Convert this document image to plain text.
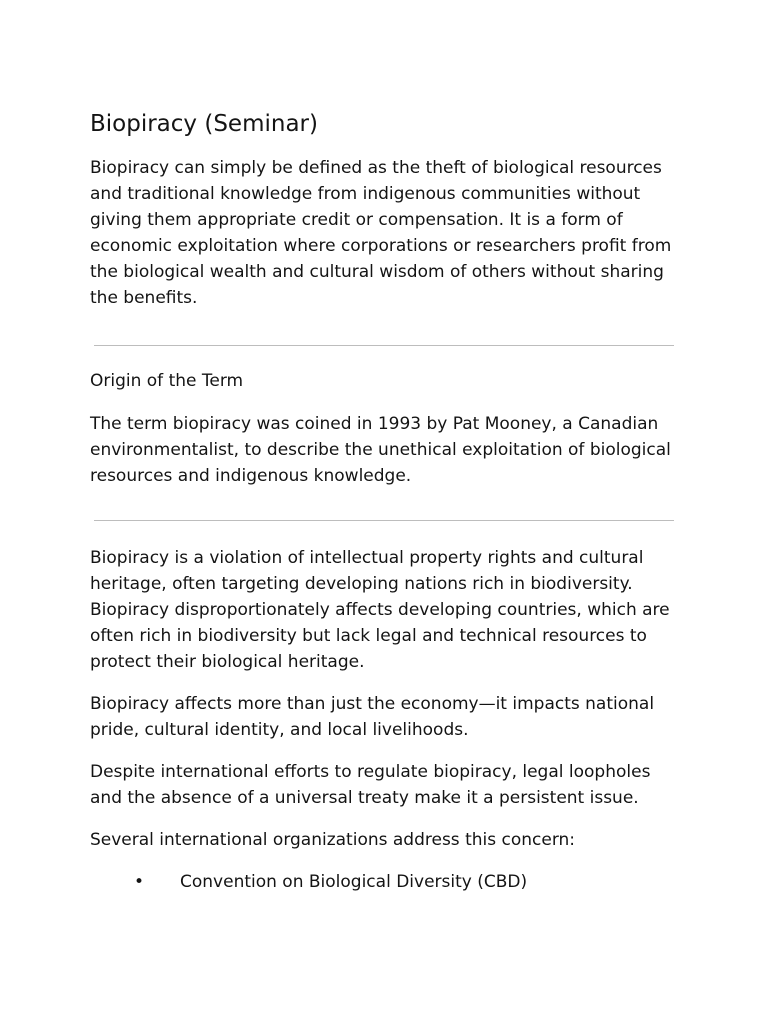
Biopiracy (Seminar)
Biopiracy can simply be defined as the theft of biological resources
and traditional knowledge from indigenous communities without
giving them appropriate credit or compensation. It is a form of
economic exploitation where corporations or researchers profit from
the biological wealth and cultural wisdom of others without sharing
the benefits.
Origin of the Term
The term biopiracy was coined in 1993 by Pat Mooney, a Canadian
environmentalist, to describe the unethical exploitation of biological
resources and indigenous knowledge.
Biopiracy is a violation of intellectual property rights and cultural
heritage, often targeting developing nations rich in biodiversity.
Biopiracy disproportionately affects developing countries, which are
often rich in biodiversity but lack legal and technical resources to
protect their biological heritage.
Biopiracy affects more than just the economy—it impacts national
pride, cultural identity, and local livelihoods.
Despite international efforts to regulate biopiracy, legal loopholes
and the absence of a universal treaty make it a persistent issue.
Several international organizations address this concern:
• Convention on Biological Diversity (CBD)
